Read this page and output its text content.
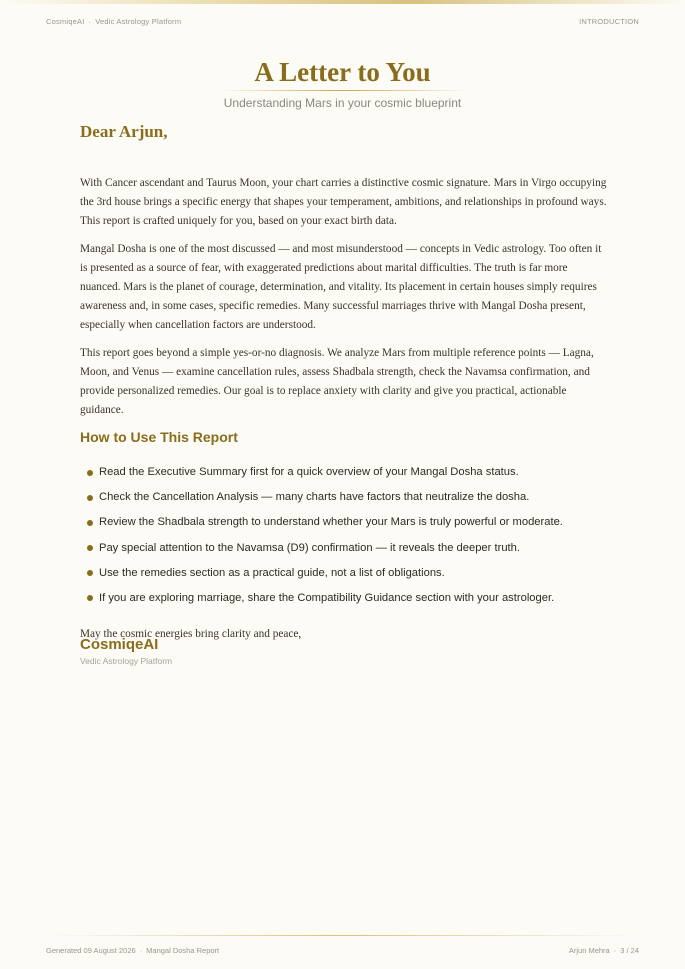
CosmiqeAI · Vedic Astrology Platform	INTRODUCTION
A Letter to You
Understanding Mars in your cosmic blueprint
Dear Arjun,

With Cancer ascendant and Taurus Moon, your chart carries a distinctive cosmic signature. Mars in Virgo occupying the 3rd house brings a specific energy that shapes your temperament, ambitions, and relationships in profound ways. This report is crafted uniquely for you, based on your exact birth data.

Mangal Dosha is one of the most discussed — and most misunderstood — concepts in Vedic astrology. Too often it is presented as a source of fear, with exaggerated predictions about marital difficulties. The truth is far more nuanced. Mars is the planet of courage, determination, and vitality. Its placement in certain houses simply requires awareness and, in some cases, specific remedies. Many successful marriages thrive with Mangal Dosha present, especially when cancellation factors are understood.

This report goes beyond a simple yes-or-no diagnosis. We analyze Mars from multiple reference points — Lagna, Moon, and Venus — examine cancellation rules, assess Shadbala strength, check the Navamsa confirmation, and provide personalized remedies. Our goal is to replace anxiety with clarity and give you practical, actionable guidance.

How to Use This Report
Read the Executive Summary first for a quick overview of your Mangal Dosha status.
Check the Cancellation Analysis — many charts have factors that neutralize the dosha.
Review the Shadbala strength to understand whether your Mars is truly powerful or moderate.
Pay special attention to the Navamsa (D9) confirmation — it reveals the deeper truth.
Use the remedies section as a practical guide, not a list of obligations.
If you are exploring marriage, share the Compatibility Guidance section with your astrologer.
May the cosmic energies bring clarity and peace,
CosmiqeAI
Vedic Astrology Platform
Generated 09 August 2026 · Mangal Dosha Report	Arjun Mehra · 3 / 24
